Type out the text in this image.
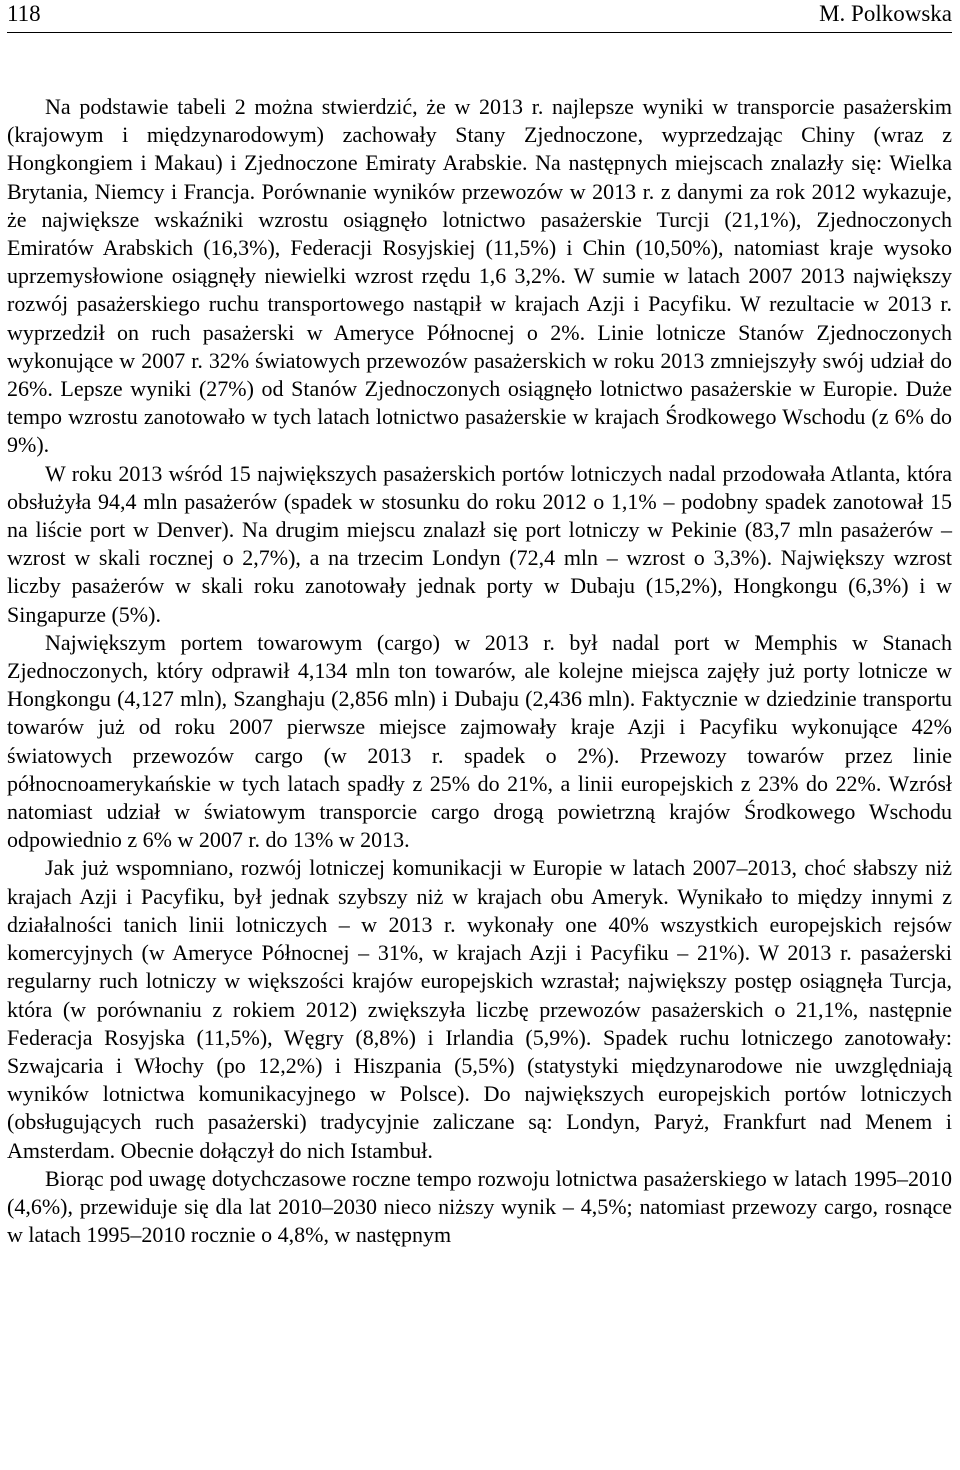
118	M. Polkowska

Na podstawie tabeli 2 można stwierdzić, że w 2013 r. najlepsze wyniki w transporcie pasażerskim (krajowym i międzynarodowym) zachowały Stany Zjednoczone, wyprzedzając Chiny (wraz z Hongkongiem i Makau) i Zjednoczone Emiraty Arabskie. Na następnych miejscach znalazły się: Wielka Brytania, Niemcy i Francja. Porównanie wyników przewozów w 2013 r. z danymi za rok 2012 wykazuje, że największe wskaźniki wzrostu osiągnęło lotnictwo pasażerskie Turcji (21,1%), Zjednoczonych Emiratów Arabskich (16,3%), Federacji Rosyjskiej (11,5%) i Chin (10,50%), natomiast kraje wysoko uprzemysłowione osiągnęły niewielki wzrost rzędu 1,6 3,2%. W sumie w latach 2007 2013 największy rozwój pasażerskiego ruchu transportowego nastąpił w krajach Azji i Pacyfiku. W rezultacie w 2013 r. wyprzedził on ruch pasażerski w Ameryce Północnej o 2%. Linie lotnicze Stanów Zjednoczonych wykonujące w 2007 r. 32% światowych przewozów pasażerskich w roku 2013 zmniejszyły swój udział do 26%. Lepsze wyniki (27%) od Stanów Zjednoczonych osiągnęło lotnictwo pasażerskie w Europie. Duże tempo wzrostu zanotowało w tych latach lotnictwo pasażerskie w krajach Środkowego Wschodu (z 6% do 9%).

W roku 2013 wśród 15 największych pasażerskich portów lotniczych nadal przodowała Atlanta, która obsłużyła 94,4 mln pasażerów (spadek w stosunku do roku 2012 o 1,1% – podobny spadek zanotował 15 na liście port w Denver). Na drugim miejscu znalazł się port lotniczy w Pekinie (83,7 mln pasażerów – wzrost w skali rocznej o 2,7%), a na trzecim Londyn (72,4 mln – wzrost o 3,3%). Największy wzrost liczby pasażerów w skali roku zanotowały jednak porty w Dubaju (15,2%), Hongkongu (6,3%) i w Singapurze (5%).

Największym portem towarowym (cargo) w 2013 r. był nadal port w Memphis w Stanach Zjednoczonych, który odprawił 4,134 mln ton towarów, ale kolejne miejsca zajęły już porty lotnicze w Hongkongu (4,127 mln), Szanghaju (2,856 mln) i Dubaju (2,436 mln). Faktycznie w dziedzinie transportu towarów już od roku 2007 pierwsze miejsce zajmowały kraje Azji i Pacyfiku wykonujące 42% światowych przewozów cargo (w 2013 r. spadek o 2%). Przewozy towarów przez linie północnoamerykańskie w tych latach spadły z 25% do 21%, a linii europejskich z 23% do 22%. Wzrósł natomiast udział w światowym transporcie cargo drogą powietrzną krajów Środkowego Wschodu odpowiednio z 6% w 2007 r. do 13% w 2013.

Jak już wspomniano, rozwój lotniczej komunikacji w Europie w latach 2007–2013, choć słabszy niż krajach Azji i Pacyfiku, był jednak szybszy niż w krajach obu Ameryk. Wynikało to między innymi z działalności tanich linii lotniczych – w 2013 r. wykonały one 40% wszystkich europejskich rejsów komercyjnych (w Ameryce Północnej – 31%, w krajach Azji i Pacyfiku – 21%). W 2013 r. pasażerski regularny ruch lotniczy w większości krajów europejskich wzrastał; największy postęp osiągnęła Turcja, która (w porównaniu z rokiem 2012) zwiększyła liczbę przewozów pasażerskich o 21,1%, następnie Federacja Rosyjska (11,5%), Węgry (8,8%) i Irlandia (5,9%). Spadek ruchu lotniczego zanotowały: Szwajcaria i Włochy (po 12,2%) i Hiszpania (5,5%) (statystyki międzynarodowe nie uwzględniają wyników lotnictwa komunikacyjnego w Polsce). Do największych europejskich portów lotniczych (obsługujących ruch pasażerski) tradycyjnie zaliczane są: Londyn, Paryż, Frankfurt nad Menem i Amsterdam. Obecnie dołączył do nich Istambuł.

Biorąc pod uwagę dotychczasowe roczne tempo rozwoju lotnictwa pasażerskiego w latach 1995–2010 (4,6%), przewiduje się dla lat 2010–2030 nieco niższy wynik – 4,5%; natomiast przewozy cargo, rosnące w latach 1995–2010 rocznie o 4,8%, w następnym
